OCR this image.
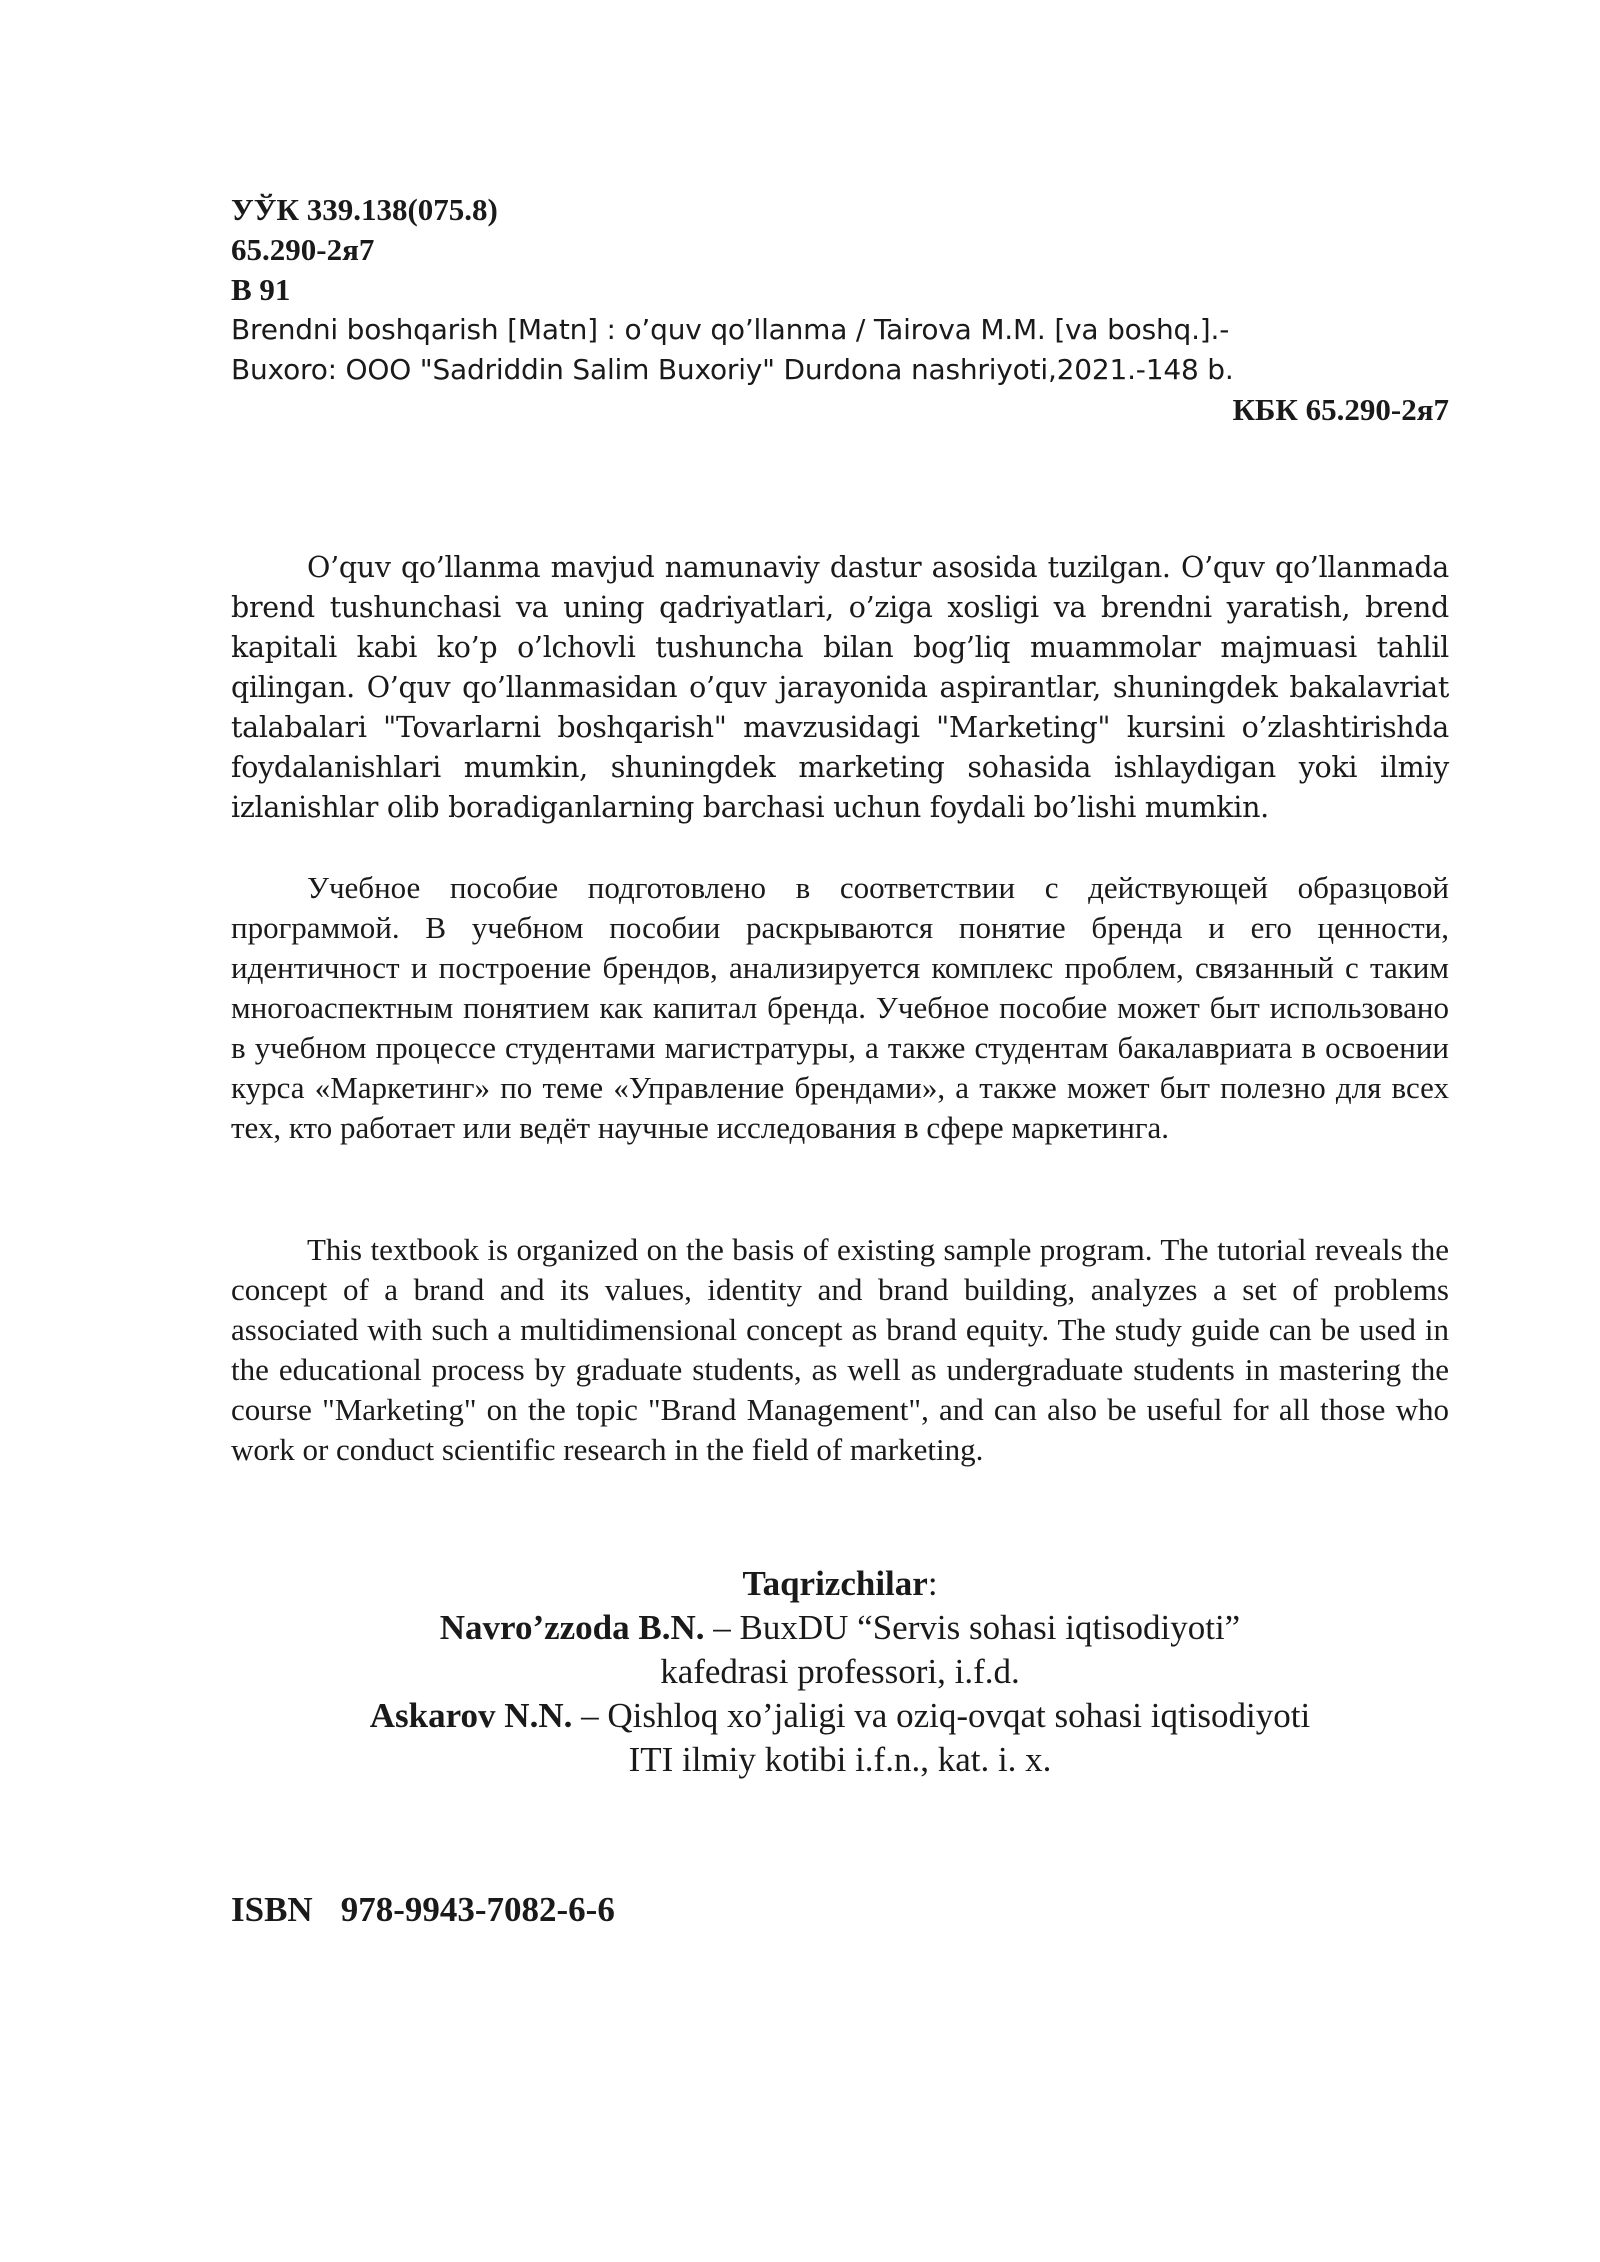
УЎК 339.138(075.8)

65.290-2я7

B 91

Brendni boshqarish [Matn] : o’quv qo’llanma / Tairova M.M. [va boshq.].-

Buxoro: OOO "Sadriddin Salim Buxoriy" Durdona nashriyoti,2021.-148 b.

КБК 65.290-2я7

O’quv qo’llanma mavjud namunaviy dastur asosida tuzilgan. O’quv qo’llanmada brend tushunchasi va uning qadriyatlari, o’ziga xosligi va brendni yaratish, brend kapitali kabi ko’p o’lchovli tushuncha bilan bog’liq muammolar majmuasi tahlil qilingan. O’quv qo’llanmasidan o’quv jarayonida aspirantlar, shuningdek bakalavriat talabalari "Tovarlarni boshqarish" mavzusidagi "Marketing" kursini o’zlashtirishda foydalanishlari mumkin, shuningdek marketing sohasida ishlaydigan yoki ilmiy izlanishlar olib boradiganlarning barchasi uchun foydali bo’lishi mumkin.

Учебное пособие подготовлено в соответствии с действующей образцовой программой. В учебном пособии раскрываются понятие бренда и его ценности, идентичност и построение брендов, анализируется комплекс проблем, связанный с таким многоаспектным понятием как капитал бренда. Учебное пособие может быт использовано в учебном процессе студентами магистратуры, а также студентам бакалавриата в освоении курса «Маркетинг» по теме «Управление брендами», а также может быт полезно для всех тех, кто работает или ведёт научные исследования в сфере маркетинга.

This textbook is organized on the basis of existing sample program. The tutorial reveals the concept of a brand and its values, identity and brand building, analyzes a set of problems associated with such a multidimensional concept as brand equity. The study guide can be used in the educational process by graduate students, as well as undergraduate students in mastering the course "Marketing" on the topic "Brand Management", and can also be useful for all those who work or conduct scientific research in the field of marketing.

Taqrizchilar:

Navro’zzoda B.N. – BuxDU “Servis sohasi iqtisodiyoti”

kafedrasi professori, i.f.d.

Askarov N.N. – Qishloq xo’jaligi va oziq-ovqat sohasi iqtisodiyoti

ITI ilmiy kotibi i.f.n., kat. i. x.

ISBN 978-9943-7082-6-6
